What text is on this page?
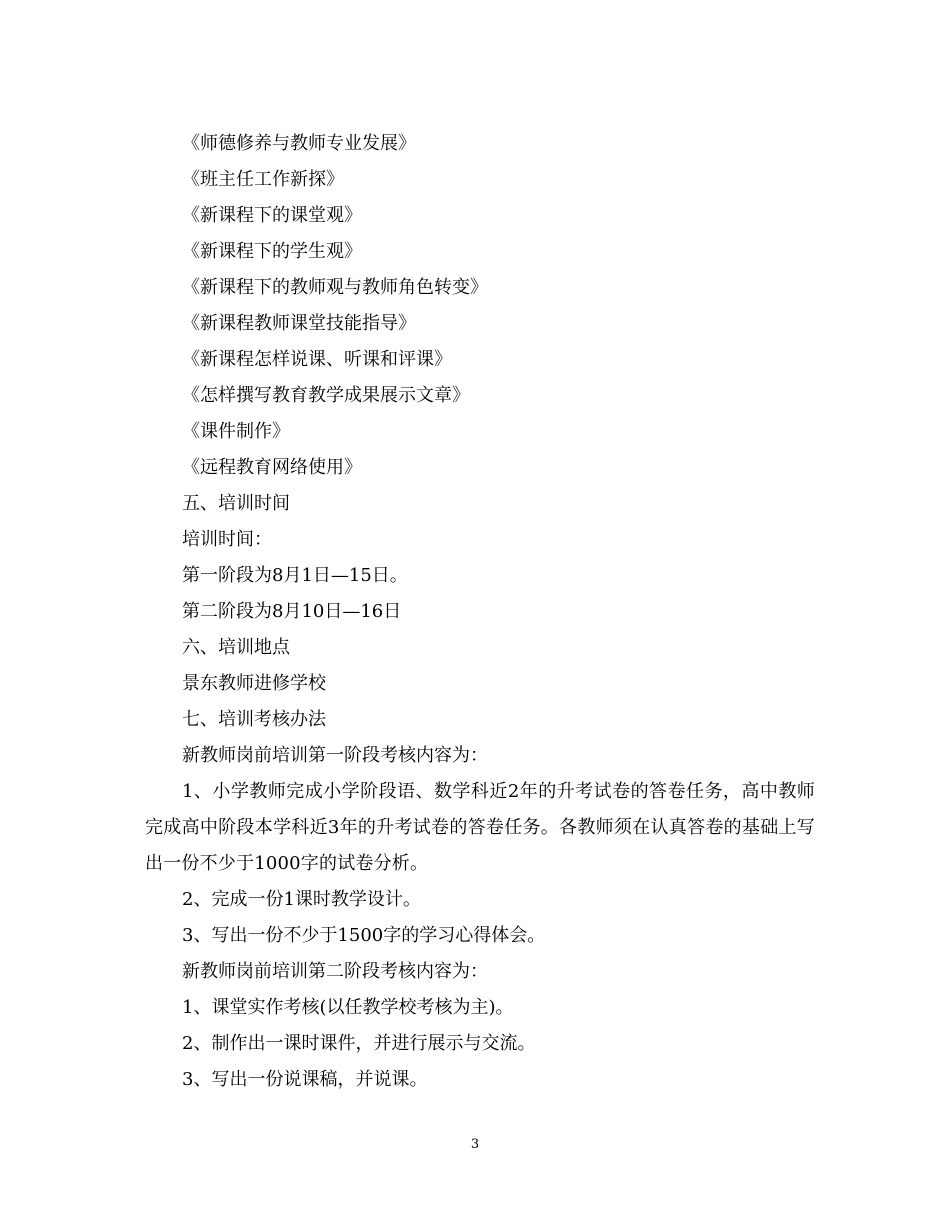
《师德修养与教师专业发展》
《班主任工作新探》
《新课程下的课堂观》
《新课程下的学生观》
《新课程下的教师观与教师角色转变》
《新课程教师课堂技能指导》
《新课程怎样说课、听课和评课》
《怎样撰写教育教学成果展示文章》
《课件制作》
《远程教育网络使用》
五、培训时间
培训时间：
第一阶段为8月1日—15日。
第二阶段为8月10日—16日
六、培训地点
景东教师进修学校
七、培训考核办法
新教师岗前培训第一阶段考核内容为：

1、小学教师完成小学阶段语、数学科近2年的升考试卷的答卷任务，高中教师完成高中阶段本学科近3年的升考试卷的答卷任务。各教师须在认真答卷的基础上写出一份不少于1000字的试卷分析。

2、完成一份1课时教学设计。
3、写出一份不少于1500字的学习心得体会。
新教师岗前培训第二阶段考核内容为：
1、课堂实作考核(以任教学校考核为主)。
2、制作出一课时课件，并进行展示与交流。
3、写出一份说课稿，并说课。
3
